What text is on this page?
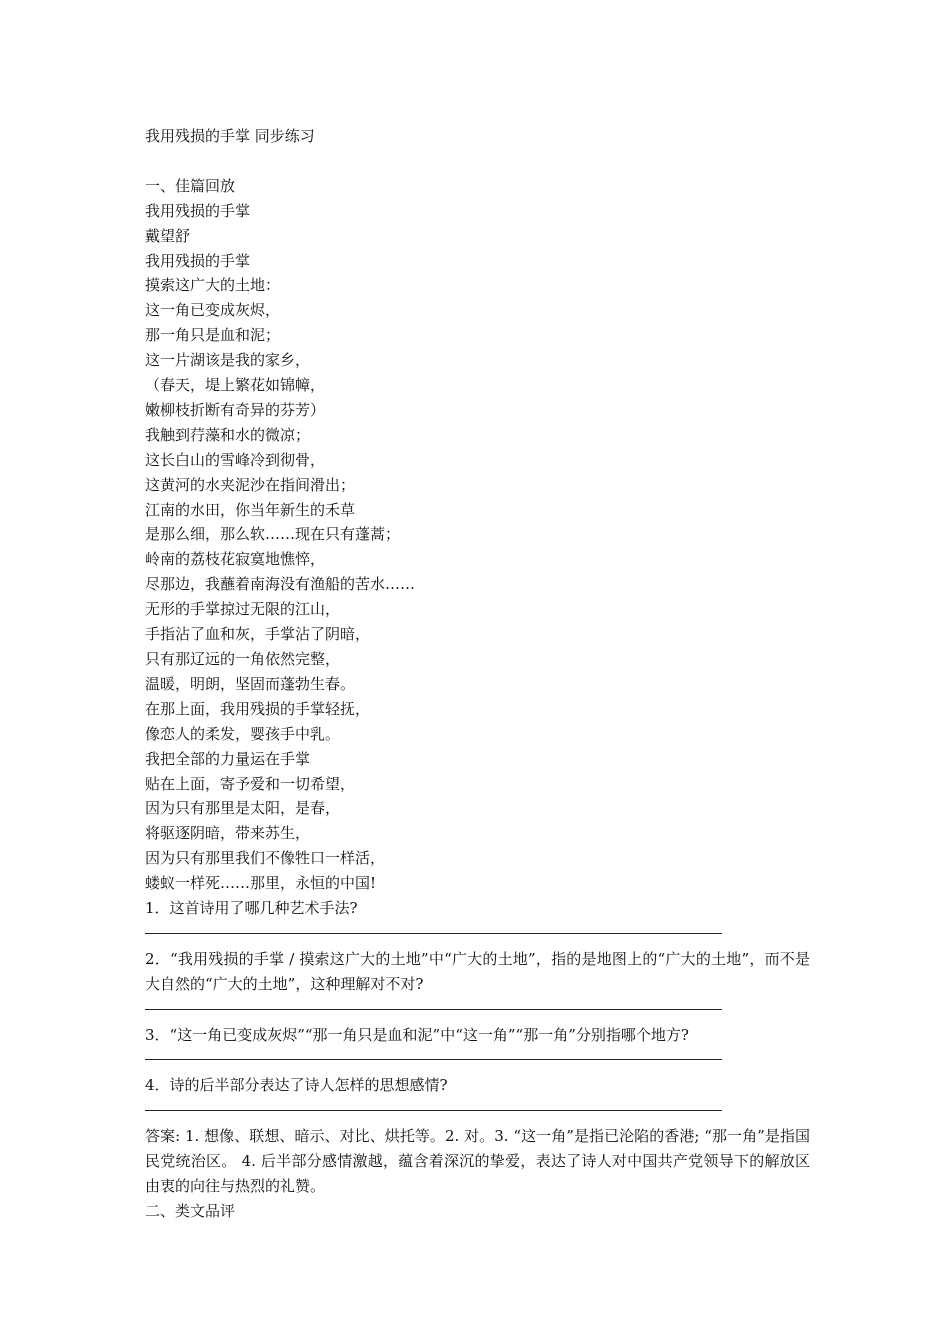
我用残损的手掌 同步练习

一、佳篇回放

我用残损的手掌

戴望舒

我用残损的手掌

摸索这广大的土地：

这一角已变成灰烬，

那一角只是血和泥；

这一片湖该是我的家乡，

（春天，堤上繁花如锦幛，

嫩柳枝折断有奇异的芬芳）

我触到荇藻和水的微凉；

这长白山的雪峰冷到彻骨，

这黄河的水夹泥沙在指间滑出；

江南的水田，你当年新生的禾草

是那么细，那么软……现在只有蓬蒿；

岭南的荔枝花寂寞地憔悴，

尽那边，我蘸着南海没有渔船的苦水……

无形的手掌掠过无限的江山，

手指沾了血和灰，手掌沾了阴暗，

只有那辽远的一角依然完整，

温暖，明朗，坚固而蓬勃生春。

在那上面，我用残损的手掌轻抚，

像恋人的柔发，婴孩手中乳。

我把全部的力量运在手掌

贴在上面，寄予爱和一切希望，

因为只有那里是太阳，是春，

将驱逐阴暗，带来苏生，

因为只有那里我们不像牲口一样活，

蝼蚁一样死……那里，永恒的中国!

1．这首诗用了哪几种艺术手法?

2．“我用残损的手掌 / 摸索这广大的土地”中“广大的土地”，指的是地图上的“广大的土地”，而不是大自然的“广大的土地”，这种理解对不对?

3．“这一角已变成灰烬”“那一角只是血和泥”中“这一角”“那一角”分别指哪个地方?

4．诗的后半部分表达了诗人怎样的思想感情?

答案: 1. 想像、联想、暗示、对比、烘托等。2. 对。3. “这一角”是指已沦陷的香港; “那一角”是指国民党统治区。 4. 后半部分感情激越，蕴含着深沉的挚爱，表达了诗人对中国共产党领导下的解放区由衷的向往与热烈的礼赞。

二、类文品评
